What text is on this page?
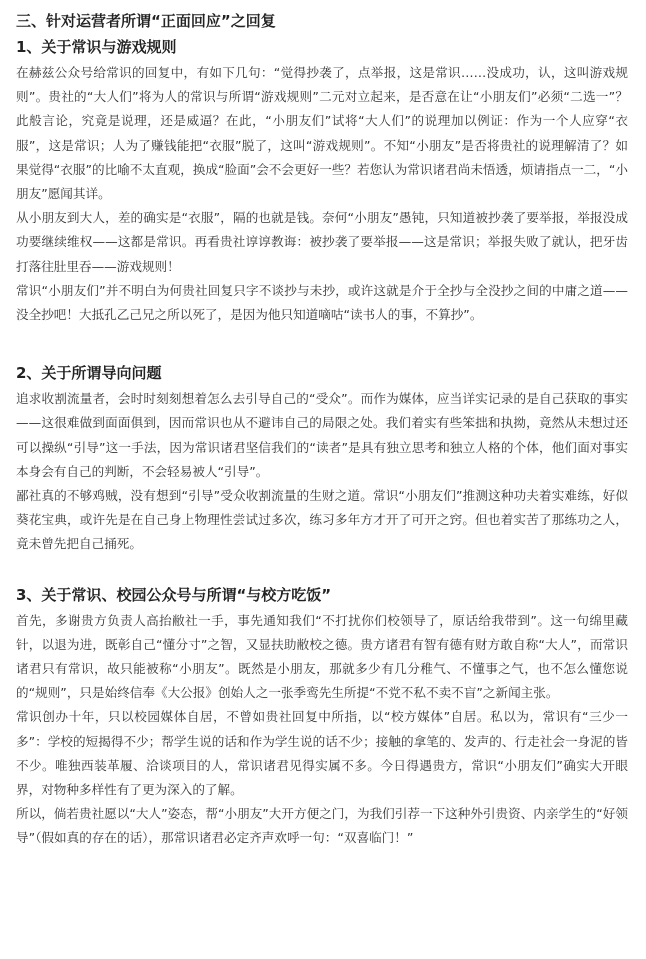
三、针对运营者所谓“正面回应”之回复
1、关于常识与游戏规则

在赫兹公众号给常识的回复中，有如下几句：“觉得抄袭了，点举报，这是常识……没成功，认，这叫游戏规则”。贵社的“大人们”将为人的常识与所谓“游戏规则”二元对立起来，是否意在让“小朋友们”必须“二选一”？此般言论，究竟是说理，还是威逼？在此，“小朋友们”试将“大人们”的说理加以例证：作为一个人应穿“衣服”，这是常识；人为了赚钱能把“衣服”脱了，这叫“游戏规则”。不知“小朋友”是否将贵社的说理解清了？如果觉得“衣服”的比喻不太直观，换成“脸面”会不会更好一些？若您认为常识诸君尚未悟透，烦请指点一二，“小朋友”愿闻其详。

从小朋友到大人，差的确实是“衣服”，隔的也就是钱。奈何“小朋友”愚钝，只知道被抄袭了要举报，举报没成功要继续维权——这都是常识。再看贵社谆谆教诲：被抄袭了要举报——这是常识；举报失败了就认，把牙齿打落往肚里吞——游戏规则！

常识“小朋友们”并不明白为何贵社回复只字不谈抄与未抄，或许这就是介于全抄与全没抄之间的中庸之道——没全抄吧！大抵孔乙己兄之所以死了，是因为他只知道嘀咕“读书人的事，不算抄”。

2、关于所谓导向问题

追求收割流量者，会时时刻刻想着怎么去引导自己的“受众”。而作为媒体，应当详实记录的是自己获取的事实——这很难做到面面俱到，因而常识也从不避讳自己的局限之处。我们着实有些笨拙和执拗，竟然从未想过还可以操纵“引导”这一手法，因为常识诸君坚信我们的“读者”是具有独立思考和独立人格的个体，他们面对事实本身会有自己的判断，不会轻易被人“引导”。

鄙社真的不够鸡贼，没有想到“引导”受众收割流量的生财之道。常识“小朋友们”推测这种功夫着实难练，好似葵花宝典，或许先是在自己身上物理性尝试过多次，练习多年方才开了可开之窍。但也着实苦了那练功之人，竟未曾先把自己捅死。

3、关于常识、校园公众号与所谓“与校方吃饭”

首先，多谢贵方负责人高抬敝社一手，事先通知我们“不打扰你们校领导了，原话给我带到”。这一句绵里藏针，以退为进，既彰自己“懂分寸”之智，又显扶助敝校之德。贵方诸君有智有德有财方敢自称“大人”，而常识诸君只有常识，故只能被称“小朋友”。既然是小朋友，那就多少有几分稚气、不懂事之气，也不怎么懂您说的“规则”，只是始终信奉《大公报》创始人之一张季鸾先生所提“不党不私不卖不盲”之新闻主张。

常识创办十年，只以校园媒体自居，不曾如贵社回复中所指，以“校方媒体”自居。私以为，常识有“三少一多”：学校的短揭得不少；帮学生说的话和作为学生说的话不少；接触的拿笔的、发声的、行走社会一身泥的皆不少。唯独西装革履、洽谈项目的人，常识诸君见得实属不多。今日得遇贵方，常识“小朋友们”确实大开眼界，对物种多样性有了更为深入的了解。

所以，倘若贵社愿以“大人”姿态，帮“小朋友”大开方便之门，为我们引荐一下这种外引贵资、内亲学生的“好领导”（假如真的存在的话），那常识诸君必定齐声欢呼一句：“双喜临门！”
